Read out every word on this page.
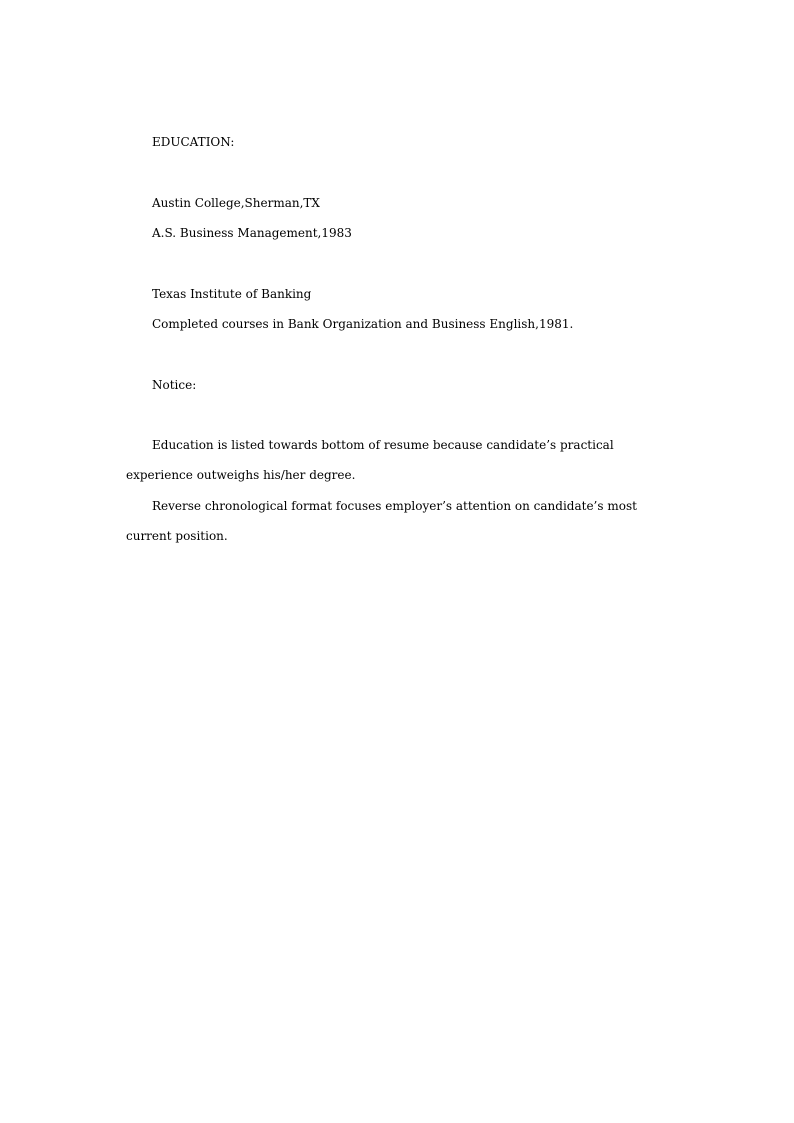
EDUCATION:
Austin College,Sherman,TX
A.S. Business Management,1983
Texas Institute of Banking
Completed courses in Bank Organization and Business English,1981.
Notice:
Education is listed towards bottom of resume because candidate’s practical
experience outweighs his/her degree.
Reverse chronological format focuses employer’s attention on candidate’s most
current position.
